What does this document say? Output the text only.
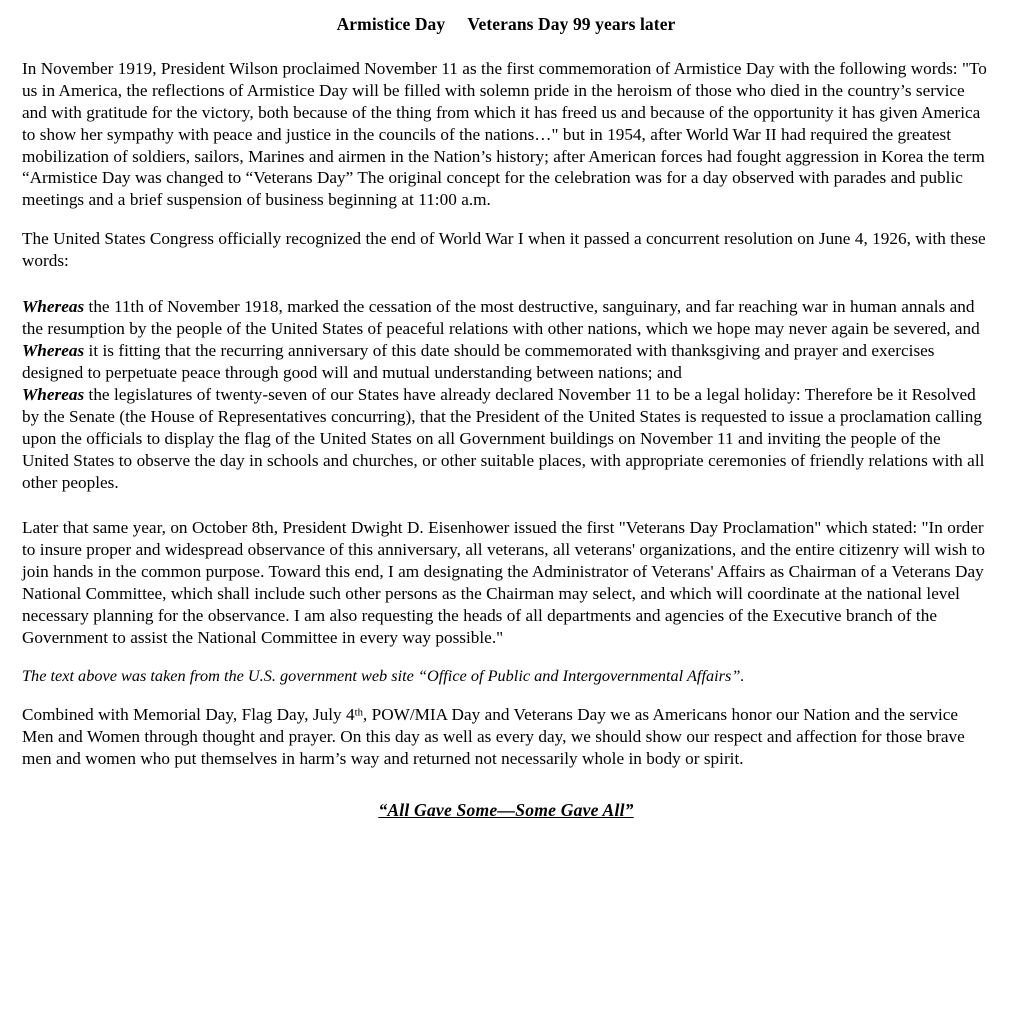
Armistice Day     Veterans Day 99 years later

In November 1919, President Wilson proclaimed November 11 as the first commemoration of Armistice Day with the following words: "To us in America, the reflections of Armistice Day will be filled with solemn pride in the heroism of those who died in the country’s service and with gratitude for the victory, both because of the thing from which it has freed us and because of the opportunity it has given America to show her sympathy with peace and justice in the councils of the nations…" but in 1954, after World War II had required the greatest mobilization of soldiers, sailors, Marines and airmen in the Nation’s history; after American forces had fought aggression in Korea the term “Armistice Day was changed to “Veterans Day” The original concept for the celebration was for a day observed with parades and public meetings and a brief suspension of business beginning at 11:00 a.m.

The United States Congress officially recognized the end of World War I when it passed a concurrent resolution on June 4, 1926, with these words:

Whereas the 11th of November 1918, marked the cessation of the most destructive, sanguinary, and far reaching war in human annals and the resumption by the people of the United States of peaceful relations with other nations, which we hope may never again be severed, and

Whereas it is fitting that the recurring anniversary of this date should be commemorated with thanksgiving and prayer and exercises designed to perpetuate peace through good will and mutual understanding between nations; and

Whereas the legislatures of twenty-seven of our States have already declared November 11 to be a legal holiday: Therefore be it Resolved by the Senate (the House of Representatives concurring), that the President of the United States is requested to issue a proclamation calling upon the officials to display the flag of the United States on all Government buildings on November 11 and inviting the people of the United States to observe the day in schools and churches, or other suitable places, with appropriate ceremonies of friendly relations with all other peoples.

Later that same year, on October 8th, President Dwight D. Eisenhower issued the first "Veterans Day Proclamation" which stated: "In order to insure proper and widespread observance of this anniversary, all veterans, all veterans' organizations, and the entire citizenry will wish to join hands in the common purpose. Toward this end, I am designating the Administrator of Veterans' Affairs as Chairman of a Veterans Day National Committee, which shall include such other persons as the Chairman may select, and which will coordinate at the national level necessary planning for the observance. I am also requesting the heads of all departments and agencies of the Executive branch of the Government to assist the National Committee in every way possible."

The text above was taken from the U.S. government web site “Office of Public and Intergovernmental Affairs”.

Combined with Memorial Day, Flag Day, July 4th, POW/MIA Day and Veterans Day we as Americans honor our Nation and the service Men and Women through thought and prayer. On this day as well as every day, we should show our respect and affection for those brave men and women who put themselves in harm’s way and returned not necessarily whole in body or spirit.

“All Gave Some—Some Gave All”
